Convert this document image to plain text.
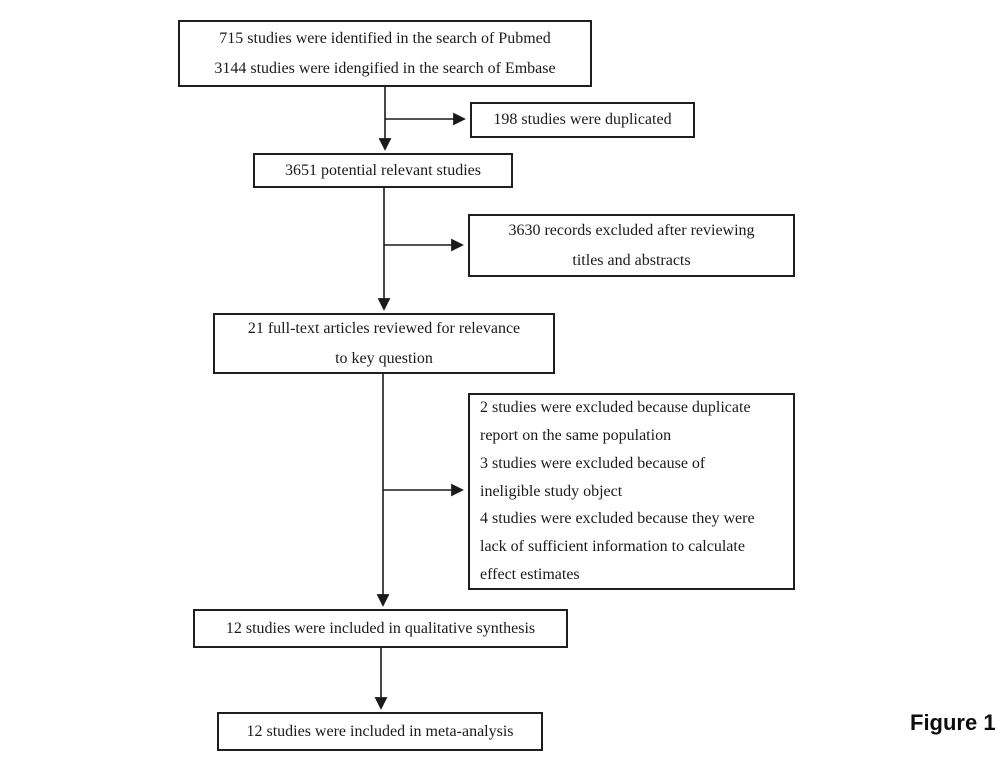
715 studies were identified in the search of Pubmed
3144 studies were idengified in the search of Embase
198 studies were duplicated
3651 potential relevant studies
3630 records excluded after reviewing
titles and abstracts
21 full-text articles reviewed for relevance
to key question
2 studies were excluded because duplicate
report on the same population
3 studies were excluded because of
ineligible study object
4 studies were excluded because they were
lack of sufficient information to calculate
effect estimates
12 studies were included in qualitative synthesis
12 studies were included in meta-analysis	Figure 1
